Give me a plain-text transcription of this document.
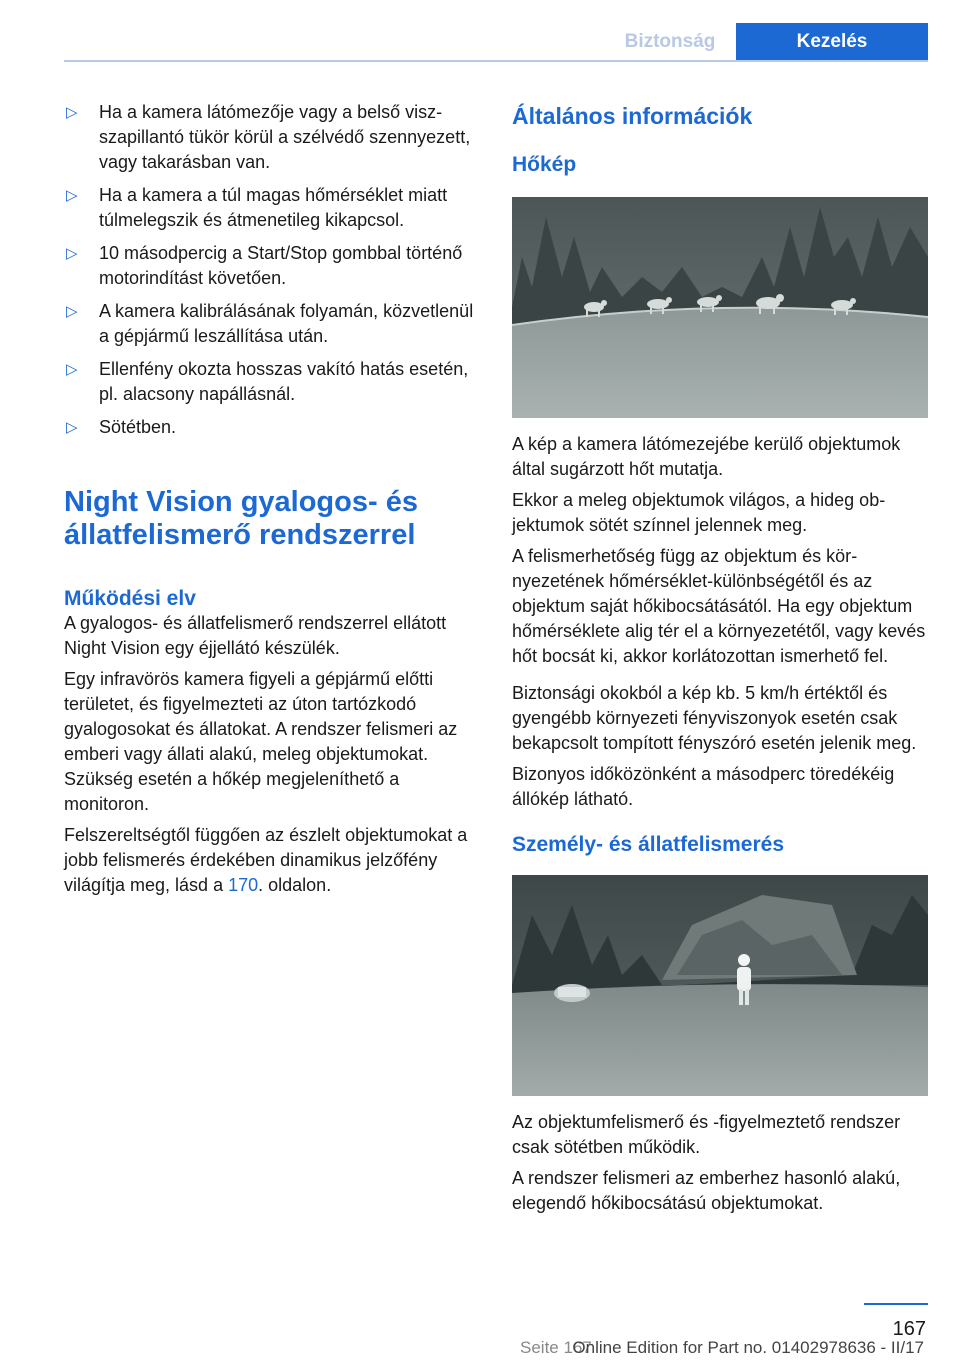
Biztonság	Kezelés
▷ Ha a kamera látómezője vagy a belső viszszapillantó tükör körül a szélvédő szennyezett, vagy takarásban van.
▷ Ha a kamera a túl magas hőmérséklet miatt túlmelegszik és átmenetileg kikapcsol.
▷ 10 másodpercig a Start/Stop gombbal történő motorindítást követően.
▷ A kamera kalibrálásának folyamán, közvetlenül a gépjármű leszállítása után.
▷ Ellenfény okozta hosszas vakító hatás esetén, pl. alacsony napállásnál.
▷ Sötétben.
Night Vision gyalogos- és állatfelismerő rendszerrel
Működési elv

A gyalogos- és állatfelismerő rendszerrel ellátott Night Vision egy éjjellátó készülék.

Egy infravörös kamera figyeli a gépjármű előtti területet, és figyelmezteti az úton tartózkodó gyalogosokat és állatokat. A rendszer felismeri az emberi vagy állati alakú, meleg objektumokat. Szükség esetén a hőkép megjeleníthető a monitoron.

Felszereltségtől függően az észlelt objektumokat a jobb felismerés érdekében dinamikus jelzőfény világítja meg, lásd a 170. oldalon.

Általános információk
Hőkép

A kép a kamera látómezejébe kerülő objektumok által sugárzott hőt mutatja.

Ekkor a meleg objektumok világos, a hideg objektumok sötét színnel jelennek meg.

A felismerhetőség függ az objektum és környezetének hőmérséklet-különbségétől és az objektum saját hőkibocsátásától. Ha egy objektum hőmérséklete alig tér el a környezetétől, vagy kevés hőt bocsát ki, akkor korlátozottan ismerhető fel.

Biztonsági okokból a kép kb. 5 km/h értéktől és gyengébb környezeti fényviszonyok esetén csak bekapcsolt tompított fényszóró esetén jelenik meg.

Bizonyos időközönként a másodperc töredékéig állókép látható.

Személy- és állatfelismerés

Az objektumfelismerő és -figyelmeztető rendszer csak sötétben működik.

A rendszer felismeri az emberhez hasonló alakú, elegendő hőkibocsátású objektumokat.

167
Seite 167
Online Edition for Part no. 01402978636 - II/17
